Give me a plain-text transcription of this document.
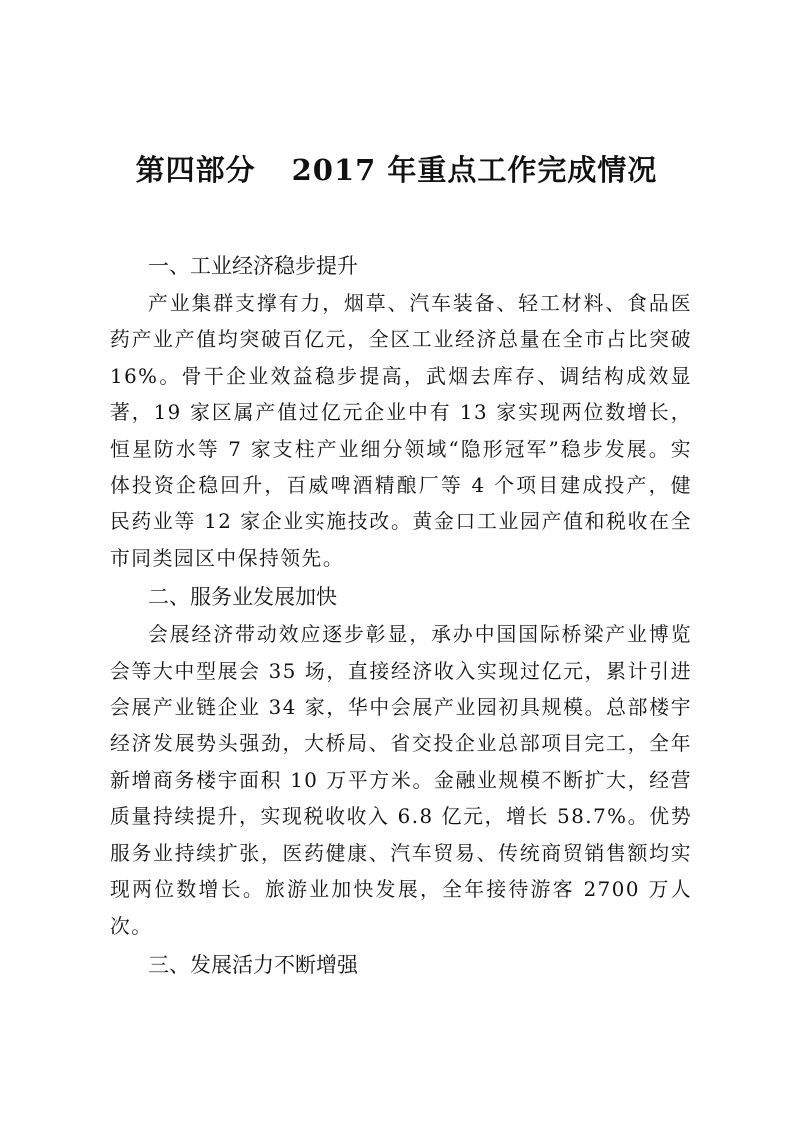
第四部分 2017 年重点工作完成情况

一、工业经济稳步提升

产业集群支撑有力，烟草、汽车装备、轻工材料、食品医药产业产值均突破百亿元，全区工业经济总量在全市占比突破16%。骨干企业效益稳步提高，武烟去库存、调结构成效显著，19 家区属产值过亿元企业中有 13 家实现两位数增长，恒星防水等 7 家支柱产业细分领域“隐形冠军”稳步发展。实体投资企稳回升，百威啤酒精酿厂等 4 个项目建成投产，健民药业等 12 家企业实施技改。黄金口工业园产值和税收在全市同类园区中保持领先。

二、服务业发展加快

会展经济带动效应逐步彰显，承办中国国际桥梁产业博览会等大中型展会 35 场，直接经济收入实现过亿元，累计引进会展产业链企业 34 家，华中会展产业园初具规模。总部楼宇经济发展势头强劲，大桥局、省交投企业总部项目完工，全年新增商务楼宇面积 10 万平方米。金融业规模不断扩大，经营质量持续提升，实现税收收入 6.8 亿元，增长 58.7%。优势服务业持续扩张，医药健康、汽车贸易、传统商贸销售额均实现两位数增长。旅游业加快发展，全年接待游客 2700 万人次。

三、发展活力不断增强
